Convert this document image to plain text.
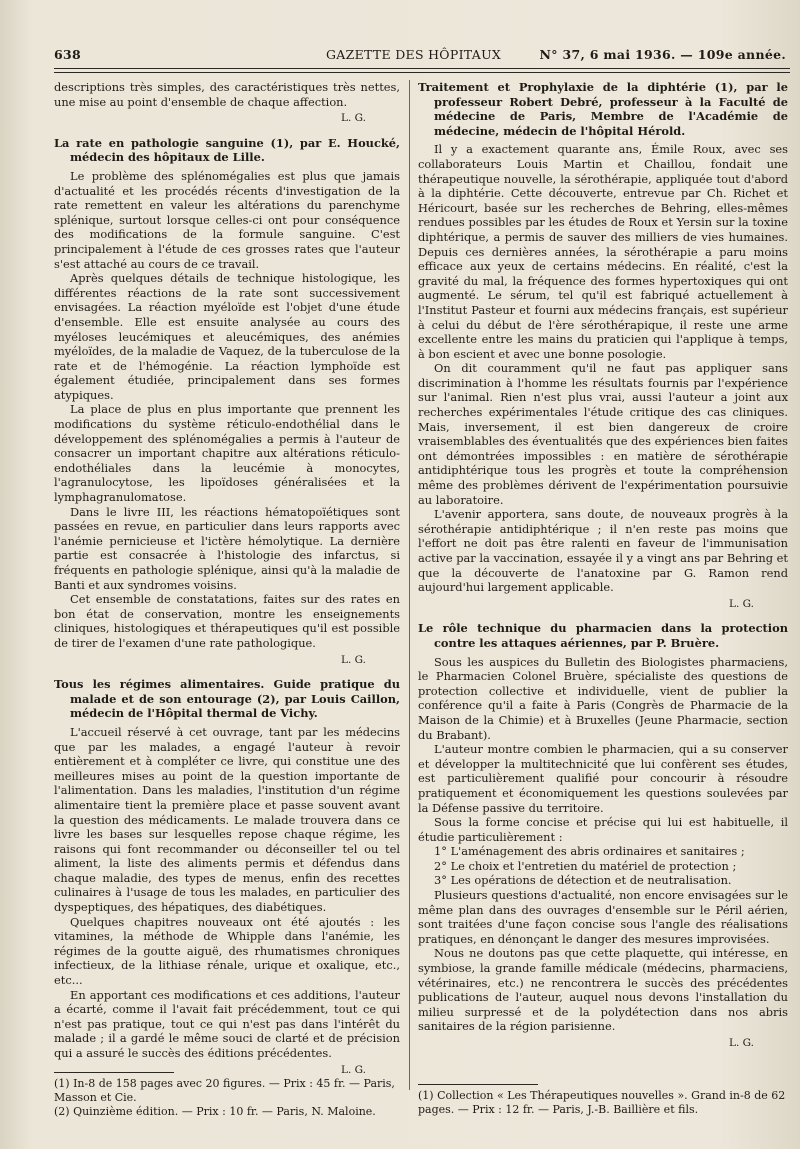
638	GAZETTE DES HÔPITAUX	N° 37, 6 mai 1936. — 109e année.

descriptions très simples, des caractéristiques très nettes, une mise au point d'ensemble de chaque affection.

L. G.

La rate en pathologie sanguine (1), par E. Houcké, médecin des hôpitaux de Lille.

Le problème des splénomégalies est plus que jamais d'actualité et les procédés récents d'investigation de la rate remettent en valeur les altérations du parenchyme splénique, surtout lorsque celles-ci ont pour conséquence des modifications de la formule sanguine. C'est principalement à l'étude de ces grosses rates que l'auteur s'est attaché au cours de ce travail.

Après quelques détails de technique histologique, les différentes réactions de la rate sont successivement envisagées. La réaction myéloïde est l'objet d'une étude d'ensemble. Elle est ensuite analysée au cours des myéloses leucémiques et aleucémiques, des anémies myéloïdes, de la maladie de Vaquez, de la tuberculose de la rate et de l'hémogénie. La réaction lymphoïde est également étudiée, principalement dans ses formes atypiques.

La place de plus en plus importante que prennent les modifications du système réticulo-endothélial dans le développement des splénomégalies a permis à l'auteur de consacrer un important chapitre aux altérations réticulo-endothéliales dans la leucémie à monocytes, l'agranulocytose, les lipoïdoses généralisées et la lymphagranulomatose.

Dans le livre III, les réactions hématopoïétiques sont passées en revue, en particulier dans leurs rapports avec l'anémie pernicieuse et l'ictère hémolytique. La dernière partie est consacrée à l'histologie des infarctus, si fréquents en pathologie splénique, ainsi qu'à la maladie de Banti et aux syndromes voisins.

Cet ensemble de constatations, faites sur des rates en bon état de conservation, montre les enseignements cliniques, histologiques et thérapeutiques qu'il est possible de tirer de l'examen d'une rate pathologique.

L. G.

Tous les régimes alimentaires. Guide pratique du malade et de son entourage (2), par Louis Caillon, médecin de l'Hôpital thermal de Vichy.

L'accueil réservé à cet ouvrage, tant par les médecins que par les malades, a engagé l'auteur à revoir entièrement et à compléter ce livre, qui constitue une des meilleures mises au point de la question importante de l'alimentation. Dans les maladies, l'institution d'un régime alimentaire tient la première place et passe souvent avant la question des médicaments. Le malade trouvera dans ce livre les bases sur lesquelles repose chaque régime, les raisons qui font recommander ou déconseiller tel ou tel aliment, la liste des aliments permis et défendus dans chaque maladie, des types de menus, enfin des recettes culinaires à l'usage de tous les malades, en particulier des dyspeptiques, des hépatiques, des diabétiques.

Quelques chapitres nouveaux ont été ajoutés : les vitamines, la méthode de Whipple dans l'anémie, les régimes de la goutte aiguë, des rhumatismes chroniques infectieux, de la lithiase rénale, urique et oxalique, etc., etc...

En apportant ces modifications et ces additions, l'auteur a écarté, comme il l'avait fait précédemment, tout ce qui n'est pas pratique, tout ce qui n'est pas dans l'intérêt du malade ; il a gardé le même souci de clarté et de précision qui a assuré le succès des éditions précédentes.

L. G.

(1) In-8 de 158 pages avec 20 figures. — Prix : 45 fr. — Paris, Masson et Cie.

(2) Quinzième édition. — Prix : 10 fr. — Paris, N. Maloine.

Traitement et Prophylaxie de la diphtérie (1), par le professeur Robert Debré, professeur à la Faculté de médecine de Paris, Membre de l'Académie de médecine, médecin de l'hôpital Hérold.

Il y a exactement quarante ans, Émile Roux, avec ses collaborateurs Louis Martin et Chaillou, fondait une thérapeutique nouvelle, la sérothérapie, appliquée tout d'abord à la diphtérie. Cette découverte, entrevue par Ch. Richet et Héricourt, basée sur les recherches de Behring, elles-mêmes rendues possibles par les études de Roux et Yersin sur la toxine diphtérique, a permis de sauver des milliers de vies humaines. Depuis ces dernières années, la sérothérapie a paru moins efficace aux yeux de certains médecins. En réalité, c'est la gravité du mal, la fréquence des formes hypertoxiques qui ont augmenté. Le sérum, tel qu'il est fabriqué actuellement à l'Institut Pasteur et fourni aux médecins français, est supérieur à celui du début de l'ère sérothérapique, il reste une arme excellente entre les mains du praticien qui l'applique à temps, à bon escient et avec une bonne posologie.

On dit couramment qu'il ne faut pas appliquer sans discrimination à l'homme les résultats fournis par l'expérience sur l'animal. Rien n'est plus vrai, aussi l'auteur a joint aux recherches expérimentales l'étude critique des cas cliniques. Mais, inversement, il est bien dangereux de croire vraisemblables des éventualités que des expériences bien faites ont démontrées impossibles : en matière de sérothérapie antidiphtérique tous les progrès et toute la compréhension même des problèmes dérivent de l'expérimentation poursuivie au laboratoire.

L'avenir apportera, sans doute, de nouveaux progrès à la sérothérapie antidiphtérique ; il n'en reste pas moins que l'effort ne doit pas être ralenti en faveur de l'immunisation active par la vaccination, essayée il y a vingt ans par Behring et que la découverte de l'anatoxine par G. Ramon rend aujourd'hui largement applicable.

L. G.

Le rôle technique du pharmacien dans la protection contre les attaques aériennes, par P. Bruère.

Sous les auspices du Bulletin des Biologistes pharmaciens, le Pharmacien Colonel Bruère, spécialiste des questions de protection collective et individuelle, vient de publier la conférence qu'il a faite à Paris (Congrès de Pharmacie de la Maison de la Chimie) et à Bruxelles (Jeune Pharmacie, section du Brabant).

L'auteur montre combien le pharmacien, qui a su conserver et développer la multitechnicité que lui confèrent ses études, est particulièrement qualifié pour concourir à résoudre pratiquement et économiquement les questions soulevées par la Défense passive du territoire.

Sous la forme concise et précise qui lui est habituelle, il étudie particulièrement :

1° L'aménagement des abris ordinaires et sanitaires ;

2° Le choix et l'entretien du matériel de protection ;

3° Les opérations de détection et de neutralisation.

Plusieurs questions d'actualité, non encore envisagées sur le même plan dans des ouvrages d'ensemble sur le Péril aérien, sont traitées d'une façon concise sous l'angle des réalisations pratiques, en dénonçant le danger des mesures improvisées.

Nous ne doutons pas que cette plaquette, qui intéresse, en symbiose, la grande famille médicale (médecins, pharmaciens, vétérinaires, etc.) ne rencontrera le succès des précédentes publications de l'auteur, auquel nous devons l'installation du milieu surpressé et de la polydétection dans nos abris sanitaires de la région parisienne.

L. G.

(1) Collection « Les Thérapeutiques nouvelles ». Grand in-8 de 62 pages. — Prix : 12 fr. — Paris, J.-B. Baillière et fils.
